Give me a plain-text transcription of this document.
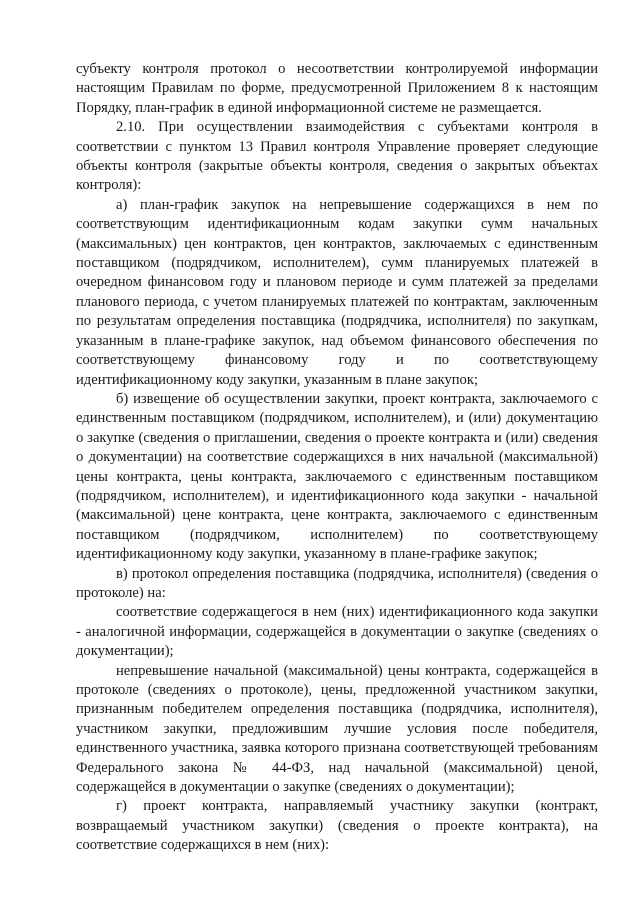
субъекту контроля протокол о несоответствии контролируемой информации настоящим Правилам по форме, предусмотренной Приложением 8 к настоящим Порядку, план-график в единой информационной системе не размещается.

2.10. При осуществлении взаимодействия с субъектами контроля в соответствии с пунктом 13 Правил контроля Управление проверяет следующие объекты контроля (закрытые объекты контроля, сведения о закрытых объектах контроля):

а) план-график закупок на непревышение содержащихся в нем по соответствующим идентификационным кодам закупки сумм начальных (максимальных) цен контрактов, цен контрактов, заключаемых с единственным поставщиком (подрядчиком, исполнителем), сумм планируемых платежей в очередном финансовом году и плановом периоде и сумм платежей за пределами планового периода, с учетом планируемых платежей по контрактам, заключенным по результатам определения поставщика (подрядчика, исполнителя) по закупкам, указанным в плане-графике закупок, над объемом финансового обеспечения по соответствующему финансовому году и по соответствующему идентификационному коду закупки, указанным в плане закупок;

б) извещение об осуществлении закупки, проект контракта, заключаемого с единственным поставщиком (подрядчиком, исполнителем), и (или) документацию о закупке (сведения о приглашении, сведения о проекте контракта и (или) сведения о документации) на соответствие содержащихся в них начальной (максимальной) цены контракта, цены контракта, заключаемого с единственным поставщиком (подрядчиком, исполнителем), и идентификационного кода закупки - начальной (максимальной) цене контракта, цене контракта, заключаемого с единственным поставщиком (подрядчиком, исполнителем) по соответствующему идентификационному коду закупки, указанному в плане-графике закупок;

в) протокол определения поставщика (подрядчика, исполнителя) (сведения о протоколе) на:

соответствие содержащегося в нем (них) идентификационного кода закупки - аналогичной информации, содержащейся в документации о закупке (сведениях о документации);

непревышение начальной (максимальной) цены контракта, содержащейся в протоколе (сведениях о протоколе), цены, предложенной участником закупки, признанным победителем определения поставщика (подрядчика, исполнителя), участником закупки, предложившим лучшие условия после победителя, единственного участника, заявка которого признана соответствующей требованиям Федерального закона № 44-ФЗ, над начальной (максимальной) ценой, содержащейся в документации о закупке (сведениях о документации);

г) проект контракта, направляемый участнику закупки (контракт, возвращаемый участником закупки) (сведения о проекте контракта), на соответствие содержащихся в нем (них):
